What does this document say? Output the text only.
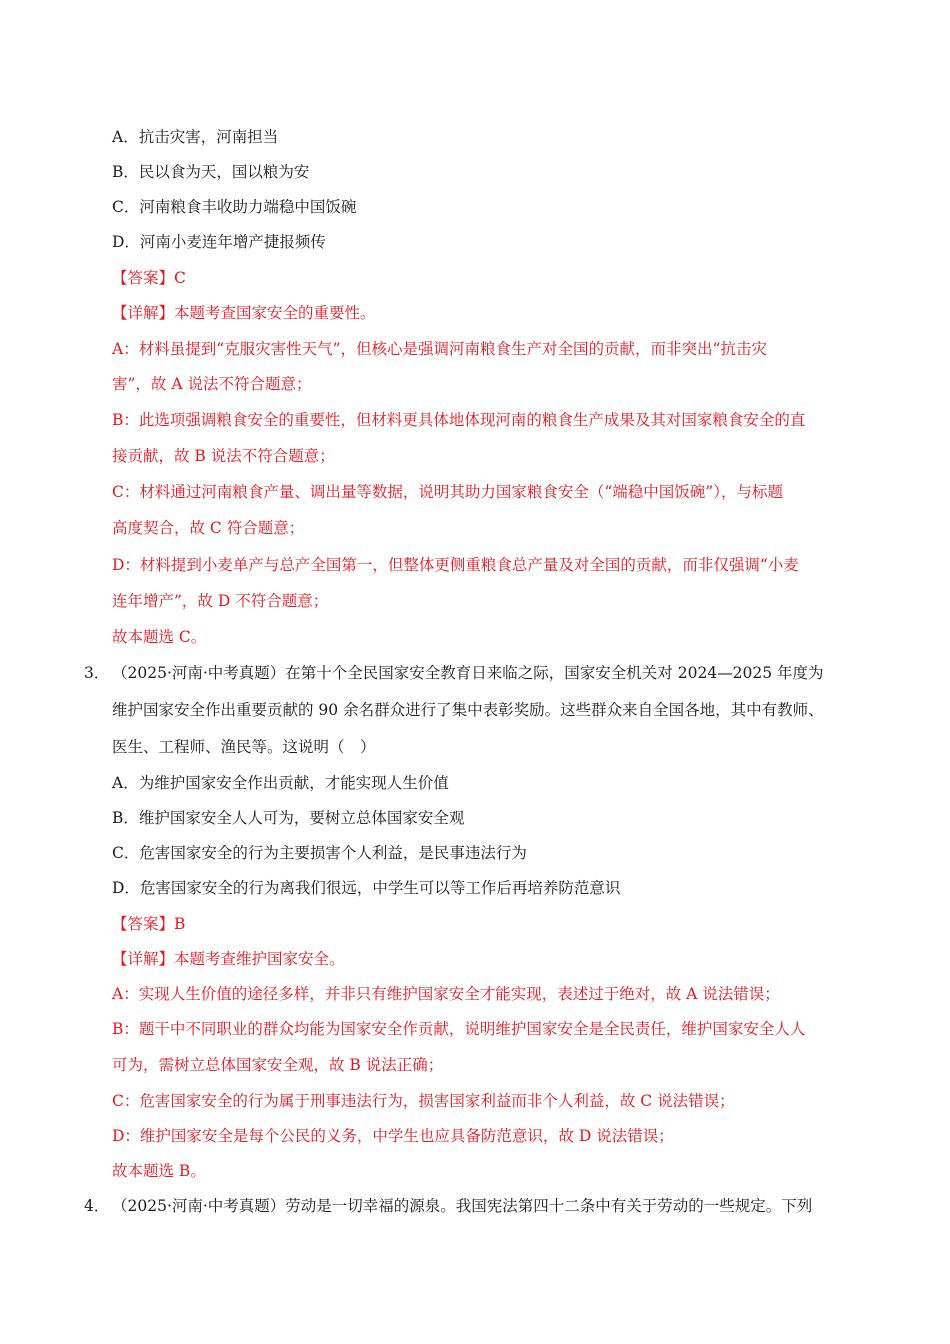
A．抗击灾害，河南担当
B．民以食为天，国以粮为安
C．河南粮食丰收助力端稳中国饭碗
D．河南小麦连年增产捷报频传
【答案】C
【详解】本题考查国家安全的重要性。
A：材料虽提到“克服灾害性天气”，但核心是强调河南粮食生产对全国的贡献，而非突出“抗击灾
害”，故 A 说法不符合题意；
B：此选项强调粮食安全的重要性，但材料更具体地体现河南的粮食生产成果及其对国家粮食安全的直
接贡献，故 B 说法不符合题意；
C：材料通过河南粮食产量、调出量等数据，说明其助力国家粮食安全（“端稳中国饭碗”），与标题
高度契合，故 C 符合题意；
D：材料提到小麦单产与总产全国第一，但整体更侧重粮食总产量及对全国的贡献，而非仅强调“小麦
连年增产”，故 D 不符合题意；
故本题选 C。
3． （2025·河南·中考真题）在第十个全民国家安全教育日来临之际，国家安全机关对 2024—2025 年度为
维护国家安全作出重要贡献的 90 余名群众进行了集中表彰奖励。这些群众来自全国各地，其中有教师、
医生、工程师、渔民等。这说明（　）
A．为维护国家安全作出贡献，才能实现人生价值
B．维护国家安全人人可为，要树立总体国家安全观
C．危害国家安全的行为主要损害个人利益，是民事违法行为
D．危害国家安全的行为离我们很远，中学生可以等工作后再培养防范意识
【答案】B
【详解】本题考查维护国家安全。
A：实现人生价值的途径多样，并非只有维护国家安全才能实现，表述过于绝对，故 A 说法错误；
B：题干中不同职业的群众均能为国家安全作贡献，说明维护国家安全是全民责任，维护国家安全人人
可为，需树立总体国家安全观，故 B 说法正确；
C：危害国家安全的行为属于刑事违法行为，损害国家利益而非个人利益，故 C 说法错误；
D：维护国家安全是每个公民的义务，中学生也应具备防范意识，故 D 说法错误；
故本题选 B。
4． （2025·河南·中考真题）劳动是一切幸福的源泉。我国宪法第四十二条中有关于劳动的一些规定。下列
